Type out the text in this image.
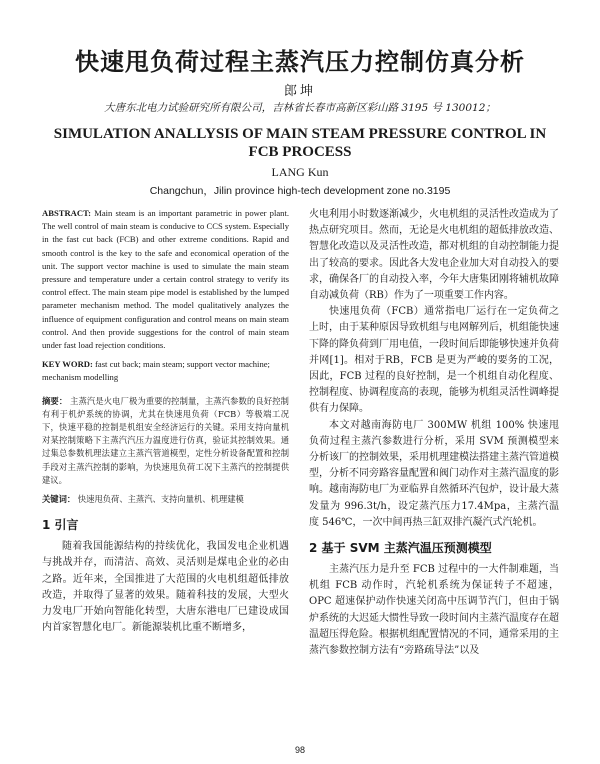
快速甩负荷过程主蒸汽压力控制仿真分析
郎坤
大唐东北电力试验研究所有限公司，吉林省长春市高新区彩山路 3195 号 130012；
SIMULATION ANALLYSIS OF MAIN STEAM PRESSURE CONTROL IN FCB PROCESS
LANG Kun
Changchun，Jilin province high-tech development zone no.3195

ABSTRACT: Main steam is an important parametric in power plant. The well control of main steam is conducive to CCS system. Especially in the fast cut back (FCB) and other extreme conditions. Rapid and smooth control is the key to the safe and economical operation of the unit. The support vector machine is used to simulate the main steam pressure and temperature under a certain control strategy to verify its control effect. The main steam pipe model is established by the lumped parameter mechanism method. The model qualitatively analyzes the influence of equipment configuration and control means on main steam control. And then provide suggestions for the control of main steam under fast load rejection conditions.

KEY WORD: fast cut back; main steam; support vector machine; mechanism modelling

摘要： 主蒸汽是火电厂极为重要的控制量，主蒸汽参数的良好控制有利于机炉系统的协调，尤其在快速甩负荷（FCB）等极端工况下，快速平稳的控制是机组安全经济运行的关键。采用支持向量机对某控制策略下主蒸汽汽压力温度进行仿真，验证其控制效果。通过集总参数机理法建立主蒸汽管道模型，定性分析设备配置和控制手段对主蒸汽控制的影响，为快速甩负荷工况下主蒸汽的控制提供建议。

关键词： 快速甩负荷、主蒸汽、支持向量机、机理建模

1 引言

随着我国能源结构的持续优化，我国发电企业机遇与挑战并存，而清洁、高效、灵活则是煤电企业的必由之路。近年来，全国推进了大范围的火电机组超低排放改造，并取得了显著的效果。随着科技的发展，大型火力发电厂开始向智能化转型，大唐东港电厂已建设成国内首家智慧化电厂。新能源装机比重不断增多，

火电利用小时数逐渐减少，火电机组的灵活性改造成为了热点研究项目。然而，无论是火电机组的超低排放改造、智慧化改造以及灵活性改造，都对机组的自动控制能力提出了较高的要求。因此各大发电企业加大对自动投入的要求，确保各厂的自动投入率，今年大唐集团刚将辅机故障自动减负荷（RB）作为了一项重要工作内容。

快速甩负荷（FCB）通常指电厂运行在一定负荷之上时，由于某种原因导致机组与电网解列后，机组能快速下降的降负荷到厂用电值，一段时间后即能够快速并负荷并网[1]。相对于RB，FCB 是更为严峻的要务的工况，因此，FCB 过程的良好控制，是一个机组自动化程度、控制程度、协调程度高的表现，能够为机组灵活性调峰提供有力保障。

本文对越南海防电厂 300MW 机组 100% 快速甩负荷过程主蒸汽参数进行分析，采用 SVM 预测模型来分析该厂的控制效果，采用机理建模法搭建主蒸汽管道模型，分析不同旁路容量配置和阀门动作对主蒸汽温度的影响。越南海防电厂为亚临界自然循环汽包炉，设计最大蒸发量为 996.3t/h，设定蒸汽压力17.4Mpa，主蒸汽温度 546℃，一次中间再热三缸双排汽凝汽式汽轮机。

2 基于 SVM 主蒸汽温压预测模型

主蒸汽压力是升至 FCB 过程中的一大件制难题，当机组 FCB 动作时，汽轮机系统为保证转子不超速，OPC 超速保护动作快速关闭高中压调节汽门，但由于锅炉系统的大迟延大惯性导致一段时间内主蒸汽温度存在超温超压得危险。根据机组配置情况的不同，通常采用的主蒸汽参数控制方法有“旁路疏导法”以及

98
